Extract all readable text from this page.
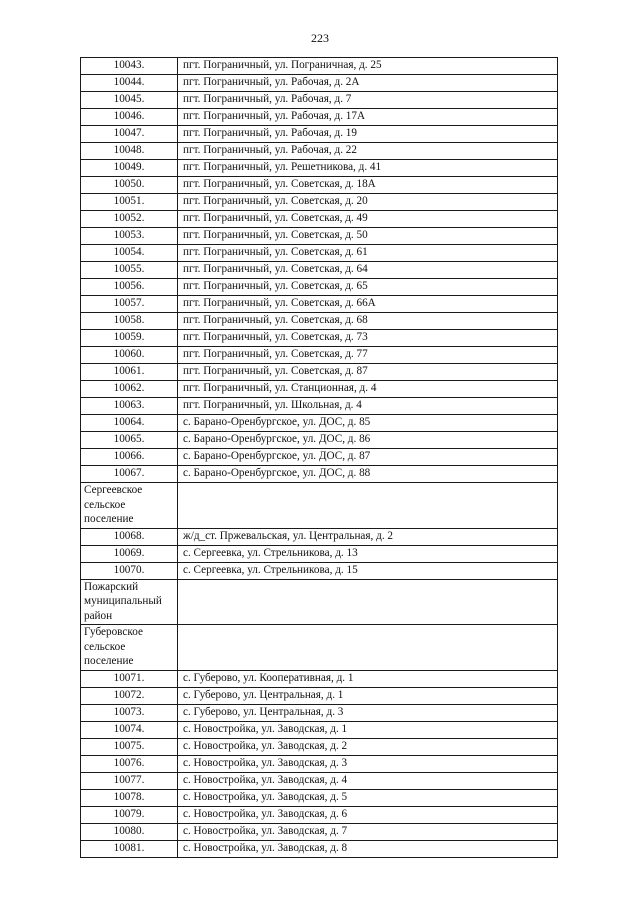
223
10043.	пгт. Пограничный, ул. Пограничная, д. 25
10044.	пгт. Пограничный, ул. Рабочая, д. 2А
10045.	пгт. Пограничный, ул. Рабочая, д. 7
10046.	пгт. Пограничный, ул. Рабочая, д. 17А
10047.	пгт. Пограничный, ул. Рабочая, д. 19
10048.	пгт. Пограничный, ул. Рабочая, д. 22
10049.	пгт. Пограничный, ул. Решетникова, д. 41
10050.	пгт. Пограничный, ул. Советская, д. 18А
10051.	пгт. Пограничный, ул. Советская, д. 20
10052.	пгт. Пограничный, ул. Советская, д. 49
10053.	пгт. Пограничный, ул. Советская, д. 50
10054.	пгт. Пограничный, ул. Советская, д. 61
10055.	пгт. Пограничный, ул. Советская, д. 64
10056.	пгт. Пограничный, ул. Советская, д. 65
10057.	пгт. Пограничный, ул. Советская, д. 66А
10058.	пгт. Пограничный, ул. Советская, д. 68
10059.	пгт. Пограничный, ул. Советская, д. 73
10060.	пгт. Пограничный, ул. Советская, д. 77
10061.	пгт. Пограничный, ул. Советская, д. 87
10062.	пгт. Пограничный, ул. Станционная, д. 4
10063.	пгт. Пограничный, ул. Школьная, д. 4
10064.	с. Барано-Оренбургское, ул. ДОС, д. 85
10065.	с. Барано-Оренбургское, ул. ДОС, д. 86
10066.	с. Барано-Оренбургское, ул. ДОС, д. 87
10067.	с. Барано-Оренбургское, ул. ДОС, д. 88
Сергеевское сельское поселение	
10068.	ж/д_ст. Пржевальская, ул. Центральная, д. 2
10069.	с. Сергеевка, ул. Стрельникова, д. 13
10070.	с. Сергеевка, ул. Стрельникова, д. 15
Пожарский муниципальный район	
Губеровское сельское поселение	
10071.	с. Губерово, ул. Кооперативная, д. 1
10072.	с. Губерово, ул. Центральная, д. 1
10073.	с. Губерово, ул. Центральная, д. 3
10074.	с. Новостройка, ул. Заводская, д. 1
10075.	с. Новостройка, ул. Заводская, д. 2
10076.	с. Новостройка, ул. Заводская, д. 3
10077.	с. Новостройка, ул. Заводская, д. 4
10078.	с. Новостройка, ул. Заводская, д. 5
10079.	с. Новостройка, ул. Заводская, д. 6
10080.	с. Новостройка, ул. Заводская, д. 7
10081.	с. Новостройка, ул. Заводская, д. 8
